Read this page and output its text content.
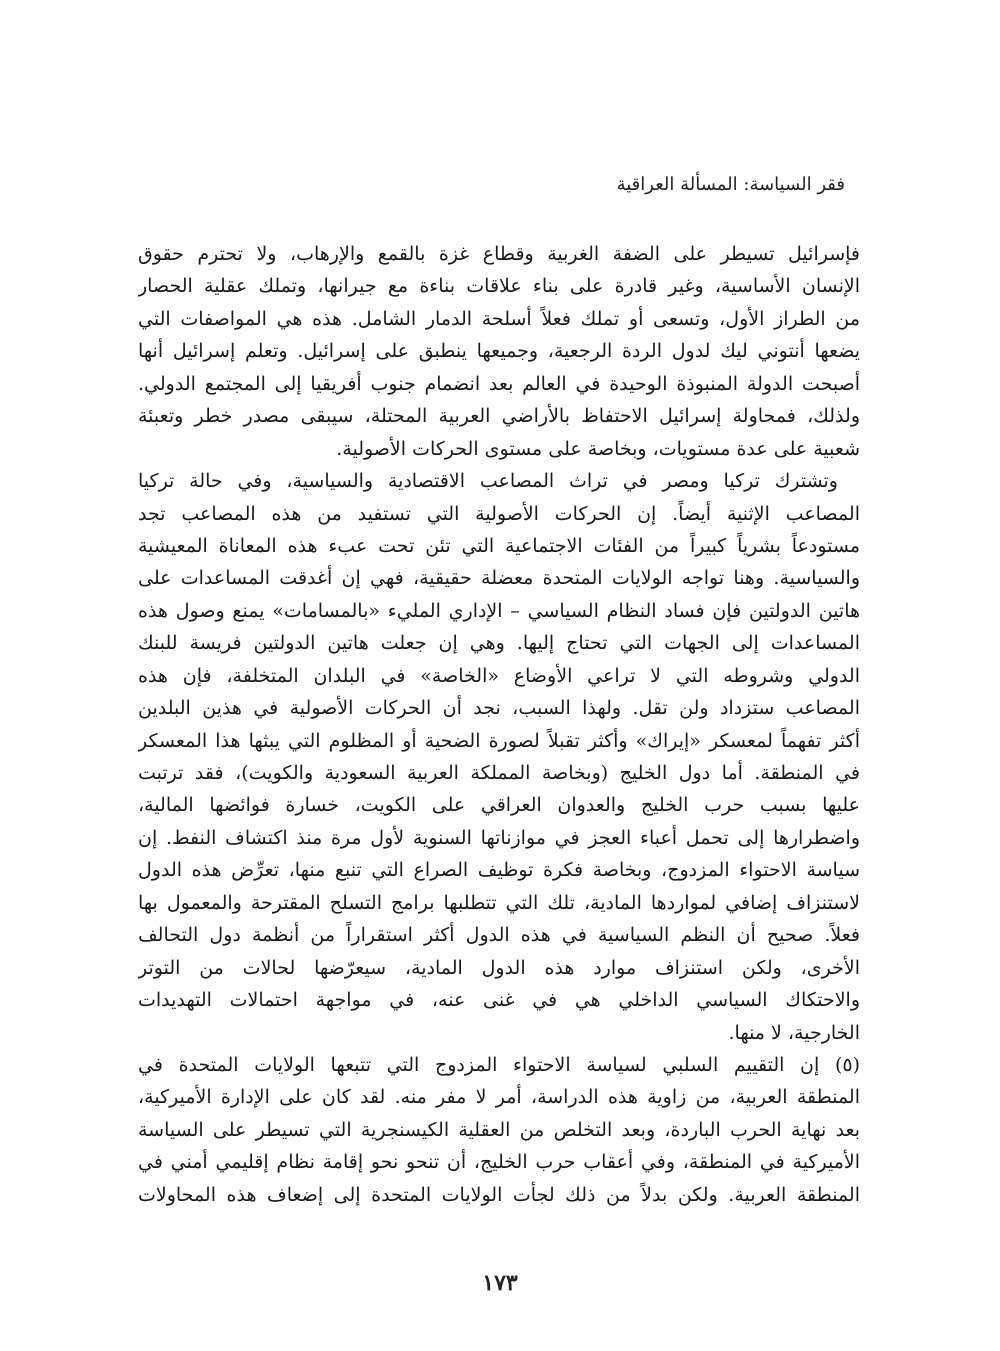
فقر السياسة: المسألة العراقية
فإسرائيل تسيطر على الضفة الغربية وقطاع غزة بالقمع والإرهاب، ولا تحترم حقوق
الإنسان الأساسية، وغير قادرة على بناء علاقات بناءة مع جيرانها، وتملك عقلية الحصار
من الطراز الأول، وتسعى أو تملك فعلاً أسلحة الدمار الشامل. هذه هي المواصفات التي
يضعها أنتوني ليك لدول الردة الرجعية، وجميعها ينطبق على إسرائيل. وتعلم إسرائيل أنها
أصبحت الدولة المنبوذة الوحيدة في العالم بعد انضمام جنوب أفريقيا إلى المجتمع الدولي.
ولذلك، فمحاولة إسرائيل الاحتفاظ بالأراضي العربية المحتلة، سيبقى مصدر خطر وتعبئة
شعبية على عدة مستويات، وبخاصة على مستوى الحركات الأصولية.
وتشترك تركيا ومصر في تراث المصاعب الاقتصادية والسياسية، وفي حالة تركيا
المصاعب الإثنية أيضاً. إن الحركات الأصولية التي تستفيد من هذه المصاعب تجد
مستودعاً بشرياً كبيراً من الفئات الاجتماعية التي تئن تحت عبء هذه المعاناة المعيشية
والسياسية. وهنا تواجه الولايات المتحدة معضلة حقيقية، فهي إن أغدقت المساعدات على
هاتين الدولتين فإن فساد النظام السياسي – الإداري المليء «بالمسامات» يمنع وصول هذه
المساعدات إلى الجهات التي تحتاج إليها. وهي إن جعلت هاتين الدولتين فريسة للبنك
الدولي وشروطه التي لا تراعي الأوضاع «الخاصة» في البلدان المتخلفة، فإن هذه
المصاعب ستزداد ولن تقل. ولهذا السبب، نجد أن الحركات الأصولية في هذين البلدين
أكثر تفهماً لمعسكر «إيراك» وأكثر تقبلاً لصورة الضحية أو المظلوم التي يبثها هذا المعسكر
في المنطقة. أما دول الخليج (وبخاصة المملكة العربية السعودية والكويت)، فقد ترتبت
عليها بسبب حرب الخليج والعدوان العراقي على الكويت، خسارة فوائضها المالية،
واضطرارها إلى تحمل أعباء العجز في موازناتها السنوية لأول مرة منذ اكتشاف النفط. إن
سياسة الاحتواء المزدوج، وبخاصة فكرة توظيف الصراع التي تنبع منها، تعرِّض هذه الدول
لاستنزاف إضافي لمواردها المادية، تلك التي تتطلبها برامج التسلح المقترحة والمعمول بها
فعلاً. صحيح أن النظم السياسية في هذه الدول أكثر استقراراً من أنظمة دول التحالف
الأخرى، ولكن استنزاف موارد هذه الدول المادية، سيعرّضها لحالات من التوتر
والاحتكاك السياسي الداخلي هي في غنى عنه، في مواجهة احتمالات التهديدات
الخارجية، لا منها.
(٥) إن التقييم السلبي لسياسة الاحتواء المزدوج التي تتبعها الولايات المتحدة في
المنطقة العربية، من زاوية هذه الدراسة، أمر لا مفر منه. لقد كان على الإدارة الأميركية،
بعد نهاية الحرب الباردة، وبعد التخلص من العقلية الكيسنجرية التي تسيطر على السياسة
الأميركية في المنطقة، وفي أعقاب حرب الخليج، أن تنحو نحو إقامة نظام إقليمي أمني في
المنطقة العربية. ولكن بدلاً من ذلك لجأت الولايات المتحدة إلى إضعاف هذه المحاولات
١٧٣
